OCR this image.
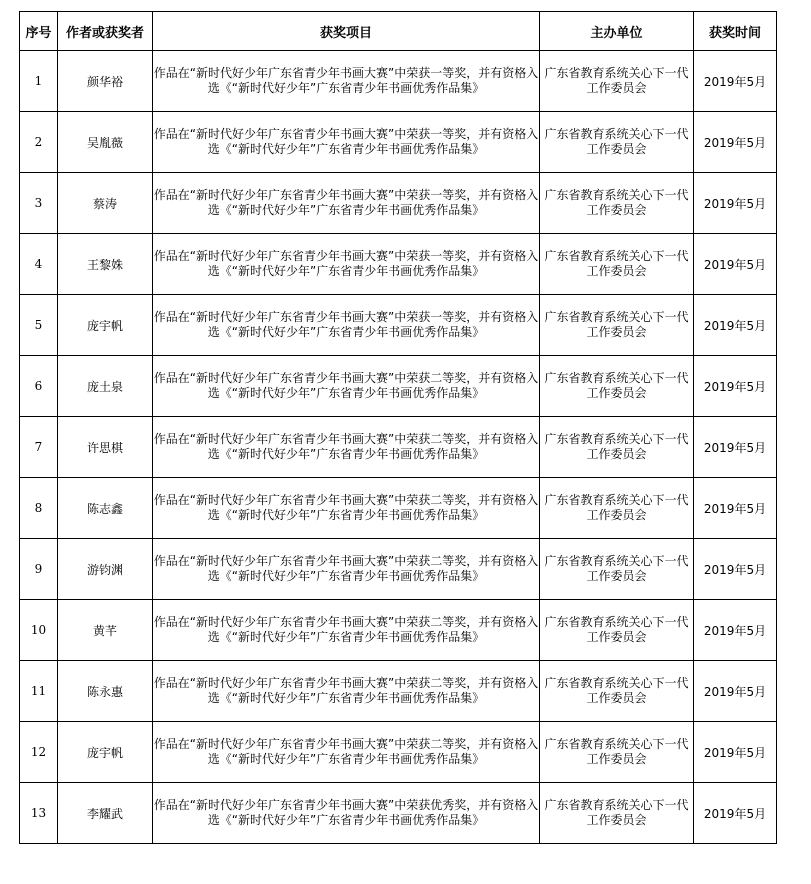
序号	作者或获奖者	获奖项目	主办单位	获奖时间
1	颜华裕	作品在“新时代好少年广东省青少年书画大赛”中荣获一等奖，并有资格入选《“新时代好少年”广东省青少年书画优秀作品集》	广东省教育系统关心下一代工作委员会	2019年5月
2	吴胤薇	作品在“新时代好少年广东省青少年书画大赛”中荣获一等奖，并有资格入选《“新时代好少年”广东省青少年书画优秀作品集》	广东省教育系统关心下一代工作委员会	2019年5月
3	蔡涛	作品在“新时代好少年广东省青少年书画大赛”中荣获一等奖，并有资格入选《“新时代好少年”广东省青少年书画优秀作品集》	广东省教育系统关心下一代工作委员会	2019年5月
4	王黎姝	作品在“新时代好少年广东省青少年书画大赛”中荣获一等奖，并有资格入选《“新时代好少年”广东省青少年书画优秀作品集》	广东省教育系统关心下一代工作委员会	2019年5月
5	庞宇帆	作品在“新时代好少年广东省青少年书画大赛”中荣获一等奖，并有资格入选《“新时代好少年”广东省青少年书画优秀作品集》	广东省教育系统关心下一代工作委员会	2019年5月
6	庞土泉	作品在“新时代好少年广东省青少年书画大赛”中荣获二等奖，并有资格入选《“新时代好少年”广东省青少年书画优秀作品集》	广东省教育系统关心下一代工作委员会	2019年5月
7	许思棋	作品在“新时代好少年广东省青少年书画大赛”中荣获二等奖，并有资格入选《“新时代好少年”广东省青少年书画优秀作品集》	广东省教育系统关心下一代工作委员会	2019年5月
8	陈志鑫	作品在“新时代好少年广东省青少年书画大赛”中荣获二等奖，并有资格入选《“新时代好少年”广东省青少年书画优秀作品集》	广东省教育系统关心下一代工作委员会	2019年5月
9	游钧渊	作品在“新时代好少年广东省青少年书画大赛”中荣获二等奖，并有资格入选《“新时代好少年”广东省青少年书画优秀作品集》	广东省教育系统关心下一代工作委员会	2019年5月
10	黄芊	作品在“新时代好少年广东省青少年书画大赛”中荣获二等奖，并有资格入选《“新时代好少年”广东省青少年书画优秀作品集》	广东省教育系统关心下一代工作委员会	2019年5月
11	陈永惠	作品在“新时代好少年广东省青少年书画大赛”中荣获二等奖，并有资格入选《“新时代好少年”广东省青少年书画优秀作品集》	广东省教育系统关心下一代工作委员会	2019年5月
12	庞宇帆	作品在“新时代好少年广东省青少年书画大赛”中荣获二等奖，并有资格入选《“新时代好少年”广东省青少年书画优秀作品集》	广东省教育系统关心下一代工作委员会	2019年5月
13	李耀武	作品在“新时代好少年广东省青少年书画大赛”中荣获优秀奖，并有资格入选《“新时代好少年”广东省青少年书画优秀作品集》	广东省教育系统关心下一代工作委员会	2019年5月
